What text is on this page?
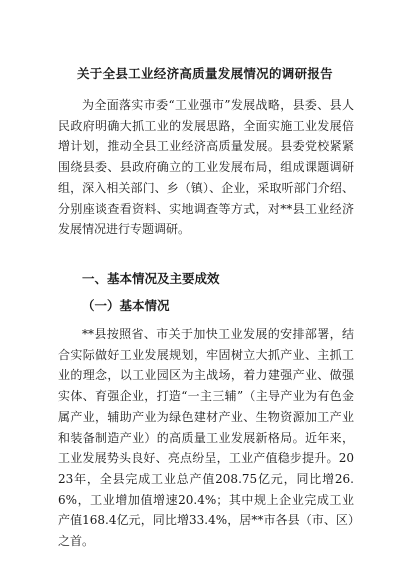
关于全县工业经济高质量发展情况的调研报告
为全面落实市委“工业强市”发展战略，县委、县人民政府明确大抓工业的发展思路，全面实施工业发展倍增计划，推动全县工业经济高质量发展。县委党校紧紧围绕县委、县政府确立的工业发展布局，组成课题调研组，深入相关部门、乡（镇）、企业，采取听部门介绍、分别座谈查看资料、实地调查等方式，对**县工业经济发展情况进行专题调研。
一、基本情况及主要成效
（一）基本情况
**县按照省、市关于加快工业发展的安排部署，结合实际做好工业发展规划，牢固树立大抓产业、主抓工业的理念，以工业园区为主战场，着力建强产业、做强实体、育强企业，打造“一主三辅”（主导产业为有色金属产业，辅助产业为绿色建材产业、生物资源加工产业和装备制造产业）的高质量工业发展新格局。近年来，工业发展势头良好、亮点纷呈，工业产值稳步提升。2023年，全县完成工业总产值208.75亿元，同比增26.6%，工业增加值增速20.4%；其中规上企业完成工业产值168.4亿元，同比增33.4%，居**市各县（市、区）之首。
